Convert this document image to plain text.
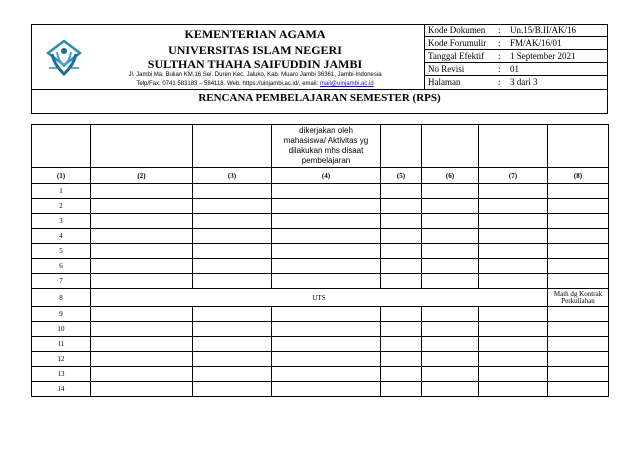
KEMENTERIAN AGAMA
UNIVERSITAS ISLAM NEGERI
SULTHAN THAHA SAIFUDDIN JAMBI
Jl. Jambi Ma. Bulian KM.16 Sei. Duren Kec. Jaluko, Kab. Muaro Jambi 36361, Jambi-Indonesia
Telp/Fax: 0741 583183 – 584118. Web. https://uinjambi.ac.id/, email: mail@uinjambi.ac.id
Kode Dokumen : Un.15/B.II/AK/16
Kode Forumulir : FM/AK/16/01
Tanggal Efektif : 1 September 2021
No Revisi	: 01
Halaman	: 3 dari 3
RENCANA PEMBELAJARAN SEMESTER (RPS)

			dikerjakan oleh
mahasiswa/ Aktivitas yg
dilakukan mhs disaat
pembelajaran				

(1)	(2)	(3)	(4)	(5)	(6)	(7)	(8)
1							
2							
3							
4							
5							
6							
7							
8	UTS						Math dg Kontrak
Perkuliahan

9							
10							
11							
12							
13							
14							
